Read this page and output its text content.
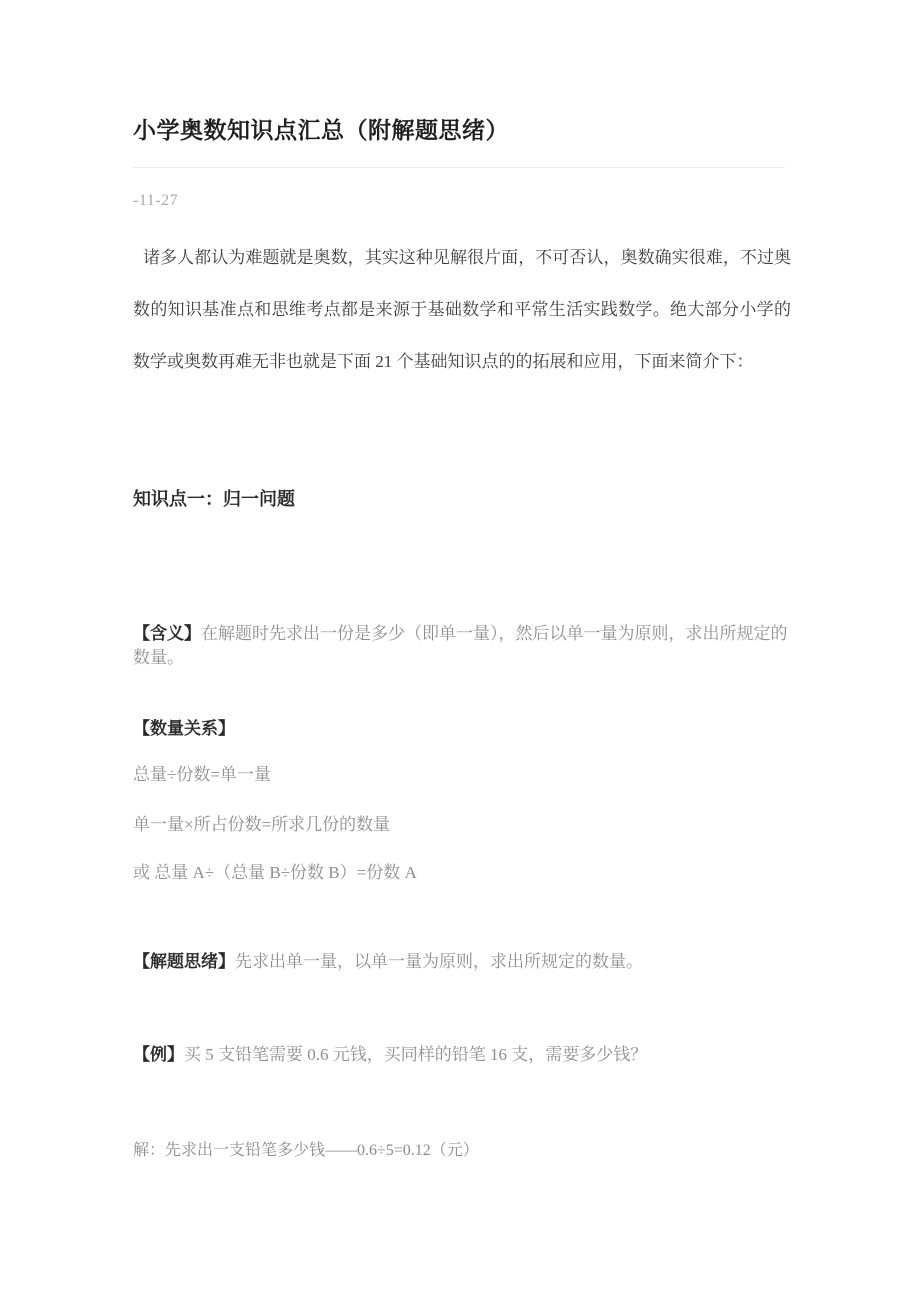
小学奥数知识点汇总（附解题思绪）
-11-27

诸多人都认为难题就是奥数，其实这种见解很片面，不可否认，奥数确实很难，不过奥数的知识基准点和思维考点都是来源于基础数学和平常生活实践数学。绝大部分小学的数学或奥数再难无非也就是下面 21 个基础知识点的的拓展和应用，下面来简介下：

知识点一：归一问题

【含义】在解题时先求出一份是多少（即单一量），然后以单一量为原则，求出所规定的数量。

【数量关系】

总量÷份数=单一量

单一量×所占份数=所求几份的数量

或 总量 A÷（总量 B÷份数 B）=份数 A

【解题思绪】先求出单一量，以单一量为原则，求出所规定的数量。

【例】买 5 支铅笔需要 0.6 元钱，买同样的铅笔 16 支，需要多少钱？

解：先求出一支铅笔多少钱——0.6÷5=0.12（元）
